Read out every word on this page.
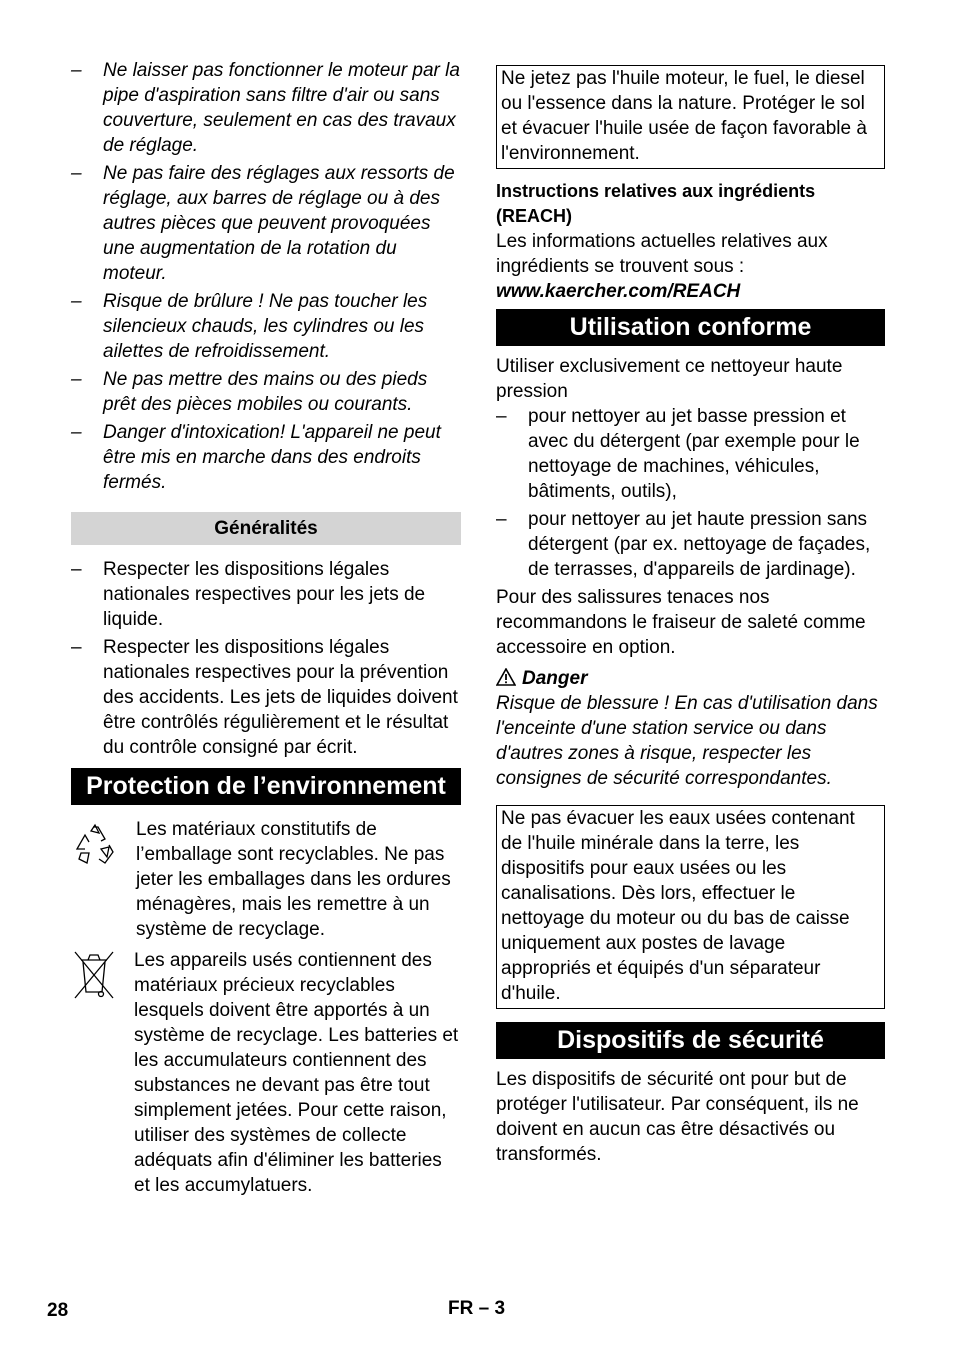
– Ne laisser pas fonctionner le moteur par la pipe d'aspiration sans filtre d'air ou sans couverture, seulement en cas des travaux de réglage.
– Ne pas faire des réglages aux ressorts de réglage, aux barres de réglage ou à des autres pièces que peuvent provoquées une augmentation de la rotation du moteur.
– Risque de brûlure ! Ne pas toucher les silencieux chauds, les cylindres ou les ailettes de refroidissement.
– Ne pas mettre des mains ou des pieds prêt des pièces mobiles ou courants.
– Danger d'intoxication! L'appareil ne peut être mis en marche dans des endroits fermés.
Généralités
– Respecter les dispositions légales nationales respectives pour les jets de liquide.
– Respecter les dispositions légales nationales respectives pour la prévention des accidents. Les jets de liquides doivent être contrôlés régulièrement et le résultat du contrôle consigné par écrit.
Protection de l’environnement
Les matériaux constitutifs de l’emballage sont recyclables. Ne pas jeter les emballages dans les ordures ménagères, mais les remettre à un système de recyclage.
Les appareils usés contiennent des matériaux précieux recyclables lesquels doivent être apportés à un système de recyclage. Les batteries et les accumulateurs contiennent des substances ne devant pas être tout simplement jetées. Pour cette raison, utiliser des systèmes de collecte adéquats afin d'éliminer les batteries et les accumylatuers.
Ne jetez pas l'huile moteur, le fuel, le diesel ou l'essence dans la nature. Protéger le sol et évacuer l'huile usée de façon favorable à l'environnement.
Instructions relatives aux ingrédients (REACH)
Les informations actuelles relatives aux ingrédients se trouvent sous :
www.kaercher.com/REACH
Utilisation conforme
Utiliser exclusivement ce nettoyeur haute pression
– pour nettoyer au jet basse pression et avec du détergent (par exemple pour le nettoyage de machines, véhicules, bâtiments, outils),
– pour nettoyer au jet haute pression sans détergent (par ex. nettoyage de façades, de terrasses, d'appareils de jardinage).
Pour des salissures tenaces nos recommandons le fraiseur de saleté comme accessoire en option.
Danger
Risque de blessure ! En cas d'utilisation dans l'enceinte d'une station service ou dans d'autres zones à risque, respecter les consignes de sécurité correspondantes.
Ne pas évacuer les eaux usées contenant de l'huile minérale dans la terre, les dispositifs pour eaux usées ou les canalisations. Dès lors, effectuer le nettoyage du moteur ou du bas de caisse uniquement aux postes de lavage appropriés et équipés d'un séparateur d'huile.
Dispositifs de sécurité
Les dispositifs de sécurité ont pour but de protéger l'utilisateur. Par conséquent, ils ne doivent en aucun cas être désactivés ou transformés.
28	FR – 3
